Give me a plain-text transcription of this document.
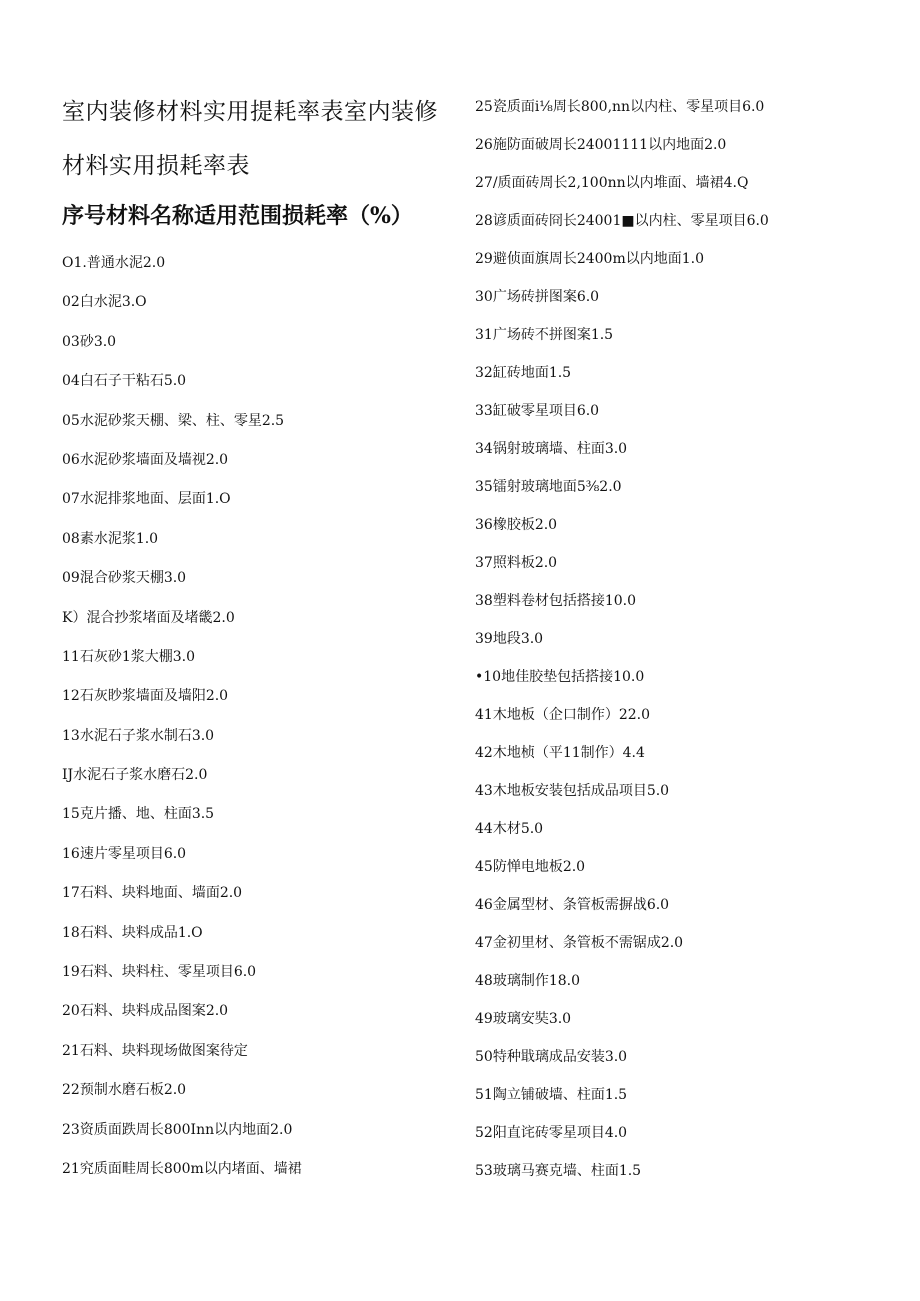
室内装修材料实用提耗率表室内装修
材料实用损耗率表
序号材料名称适用范围损耗率（%）
O1.普通水泥2.0
02白水泥3.O
03砂3.0
04白石子干粘石5.0
05水泥砂浆天棚、梁、柱、零星2.5
06水泥砂浆墙面及墙视2.0
07水泥排浆地面、层面1.O
08素水泥浆1.0
09混合砂浆天棚3.0
K）混合抄浆堵面及堵畿2.0
11石灰砂1浆大棚3.0
12石灰眇浆墙面及墙阳2.0
13水泥石子浆水制石3.0
IJ水泥石子浆水磨石2.0
15克片播、地、柱面3.5
16速片零星项目6.0
17石料、块料地面、墙面2.0
18石料、块料成品1.O
19石料、块料柱、零星项目6.0
20石料、块料成品图案2.0
21石料、块料现场做图案待定
22预制水磨石板2.0
23资质面跌周长800Inn以内地面2.0
21究质面畦周长800m以内堵面、墙裙
25瓷质面i⅛周长800,nn以内柱、零星项目6.0
26施防面破周长24001111以内地面2.0
27/质面砖周长2,100nn以内堆面、墙裙4.Q
28谚质面砖冏长24001■以内柱、零星项目6.0
29避侦面旗周长2400m以内地面1.0
30广场砖拼图案6.0
31广场砖不拼图案1.5
32缸砖地面1.5
33缸破零星项目6.0
34锅射玻璃墙、柱面3.0
35镭射玻璃地面5⅜2.0
36橡胶板2.0
37照料板2.0
38塑料卷材包括搭接10.0
39地段3.0
•10地佳胶垫包括搭接10.0
41木地板（企口制作）22.0
42木地桢（平11制作）4.4
43木地板安装包括成品项目5.0
44木材5.0
45防惮电地板2.0
46金属型材、条管板需摒战6.0
47金初里材、条管板不需锯成2.0
48玻璃制作18.0
49玻璃安奘3.0
50特种戢璃成品安装3.0
51陶立铺破墙、柱面1.5
52阳直诧砖零星项目4.0
53玻璃马赛克墙、柱面1.5
